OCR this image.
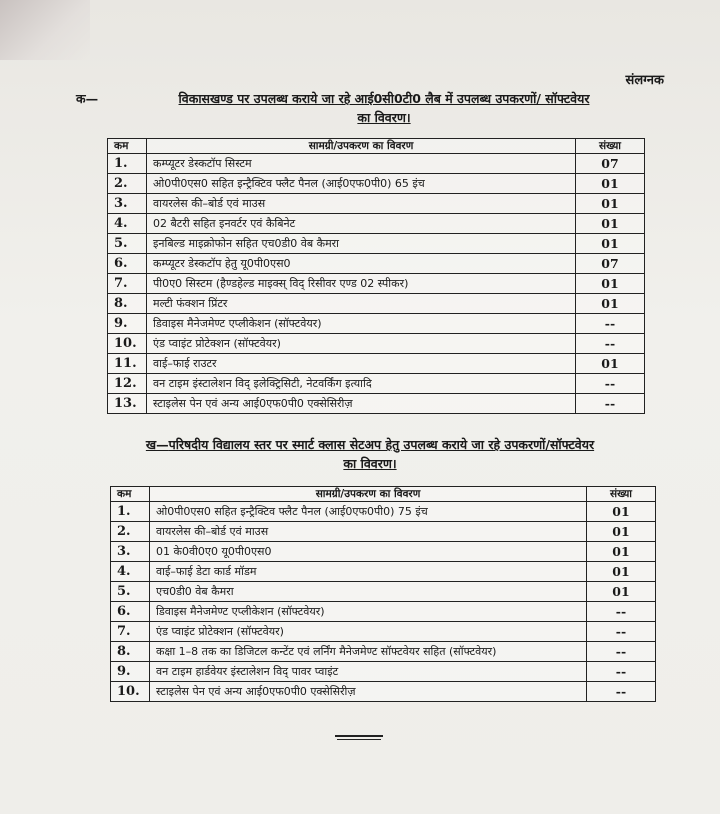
संलग्नक
क—	विकासखण्ड पर उपलब्ध कराये जा रहे आई0सी0टी0 लैब में उपलब्ध उपकरणों/ सॉफ्टवेयर
का विवरण।
कम	सामग्री/उपकरण का विवरण	संख्या
1.	कम्प्यूटर डेस्कटॉप सिस्टम	07
2.	ओ0पी0एस0 सहित इन्ट्रैक्टिव फ्लैट पैनल (आई0एफ0पी0) 65 इंच	01
3.	वायरलेस की–बोर्ड एवं माउस	01
4.	02 बैटरी सहित इनवर्टर एवं कैबिनेट	01
5.	इनबिल्ड माइक्रोफोन सहित एच0डी0 वेब कैमरा	01
6.	कम्प्यूटर डेस्कटॉप हेतु यू0पी0एस0	07
7.	पी0ए0 सिस्टम (हैण्डहेल्ड माइक्स् विद् रिसीवर एण्ड 02 स्पीकर)	01
8.	मल्टी फंक्शन प्रिंटर	01
9.	डिवाइस मैनेजमेण्ट एप्लीकेशन (सॉफ्टवेयर)	--
10.	एंड प्वाइंट प्रोटेक्शन (सॉफ्टवेयर)	--
11.	वाई–फाई राउटर	01
12.	वन टाइम इंस्टालेशन विद् इलेक्ट्रिसिटी, नेटवर्किंग इत्यादि	--
13.	स्टाइलेस पेन एवं अन्य आई0एफ0पी0 एक्सेसिरीज़	--
ख—परिषदीय विद्यालय स्तर पर स्मार्ट क्लास सेटअप हेतु उपलब्ध कराये जा रहे उपकरणों/सॉफ्टवेयर
का विवरण।
कम	सामग्री/उपकरण का विवरण	संख्या
1.	ओ0पी0एस0 सहित इन्ट्रैक्टिव फ्लैट पैनल (आई0एफ0पी0) 75 इंच	01
2.	वायरलेस की–बोर्ड एवं माउस	01
3.	01 के0वी0ए0 यू0पी0एस0	01
4.	वाई–फाई डेटा कार्ड मॉडम	01
5.	एच0डी0 वेब कैमरा	01
6.	डिवाइस मैनेजमेण्ट एप्लीकेशन (सॉफ्टवेयर)	--
7.	एंड प्वाइंट प्रोटेक्शन (सॉफ्टवेयर)	--
8.	कक्षा 1–8 तक का डिजिटल कन्टेंट एवं लर्निंग मैनेजमेण्ट सॉफ्टवेयर सहित (सॉफ्टवेयर)	--
9.	वन टाइम हार्डवेयर इंस्टालेशन विद् पावर प्वाइंट	--
10.	स्टाइलेस पेन एवं अन्य आई0एफ0पी0 एक्सेसिरीज़	--
